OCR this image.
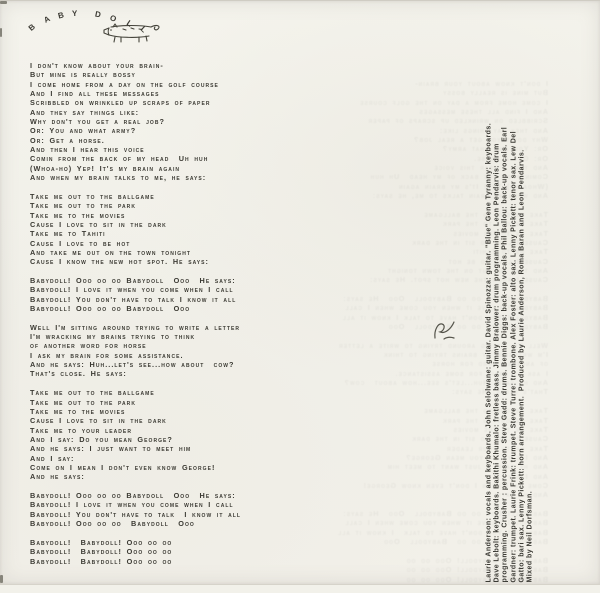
B
A B Y D O L
L
I don't know about your brain-
But mine is really bossy
I come home from a day on the golf course
And I find all these messages
Scribbled on wrinkled up scraps of paper
And they say things like:
Why don't you get a real job?
Or: You and what army?
Or: Get a horse.
And then I hear this voice
Comin from the back of my head  Uh huh
(Whoa-ho) Yep! It's my brain again
And when my brain talks to me, he says:
Take me out to the ballgame
Take me out to the park
Take me to the movies
Cause I love to sit in the dark
Take me to Tahiti
Cause I love to be hot
And take me out on the town tonight
Cause I know the new hot spot. He says:
Babydoll! Ooo oo oo Babydoll  Ooo  He says:
Babydoll! I love it when you come when I call
Babydoll! You don't have to talk I know it all
Babydoll! Ooo oo oo Babydoll  Ooo
Well I'm sitting around trying to write a letter
I'm wracking my brains trying to think
of another word for horse
I ask my brain for some assistance.
And he says: Huh...let's see...how about  cow?
That's close. He says:
Take me out to the ballgame
Take me out to the park
Take me to the movies
Cause I love to sit in the dark
Take me to your leader
And I say: Do you mean George?
And he says: I just want to meet him
And I say:
Come on I mean I don't even know George!
And he says:
Babydoll! Ooo oo oo Babydoll  Ooo  He says:
Babydoll! I love it when you come when I call
Babydoll! You don't have to talk  I know it all
Babydoll! Ooo oo oo  Babydoll  Ooo
Babydoll!  Babydoll! Ooo oo oo
Babydoll!  Babydoll! Ooo oo oo
Babydoll!  Babydoll! Ooo oo oo
I don't know about your brain-
But mine is really bossy
I come home from a day on the golf course
And I find all these messages
Scribbled on wrinkled up scraps of paper
And they say things like:
Why don't you get a real job?
Or: You and what army?
Or: Get a horse.
And then I hear this voice
Comin from the back of my head  Uh huh
(Whoa-ho) Yep! It's my brain again
And when my brain talks to me, he says:
Take me out to the ballgame
Take me out to the park
Take me to the movies
Cause I love to sit in the dark
Take me to Tahiti
Cause I love to be hot
And take me out on the town tonight
Cause I know the new hot spot. He says:
Babydoll! Ooo oo oo Babydoll  Ooo  He says:
Babydoll! I love it when you come when I call
Babydoll! You don't have to talk I know it all
Babydoll! Ooo oo oo Babydoll  Ooo
Well I'm sitting around trying to write a letter
I'm wracking my brains trying to think
of another word for horse
I ask my brain for some assistance.
And he says: Huh...let's see...how about  cow?
That's close. He says:
Take me out to the ballgame
Take me out to the park
Take me to the movies
Cause I love to sit in the dark
Take me to your leader
And I say: Do you mean George?
And he says: I just want to meet him
And I say:
Come on I mean I don't even know George!
And he says:
Babydoll! Ooo oo oo Babydoll  Ooo  He says:
Babydoll! I love it when you come when I call
Babydoll! You don't have to talk  I know it all
Babydoll! Ooo oo oo  Babydoll  Ooo
Babydoll!  Babydoll! Ooo oo oo
Babydoll!  Babydoll! Ooo oo oo
Babydoll!  Babydoll! Ooo oo oo	Laurie Anderson: vocals and keyboards. John Selolwane: guitar. David Spinozza: guitar. "Blue" Gene Tyranny: keyboards. Dave Lebolt: keyboards. Bakithi Khumalo: fretless bass. Jimmy Bralower: drum programming. Leon Pendarvis: drum programming. Crusher : percussion. Steve Gadd: drums. Bennie Diggs: back-up vocals. Phil Ballou: back-up vocals. Earl Gardner: trumpet. Laurie Frink: trumpet. Steve Turre: trombone. Alex Foster: alto sax. Lenny Pickett: tenor sax. Lew Del Gatto: bari sax. Lenny Pickett: horn arrangement.  Produced by Laurie Anderson, Roma Baran and Leon Pendarvis. Mixed by Neil Dorfsman.
